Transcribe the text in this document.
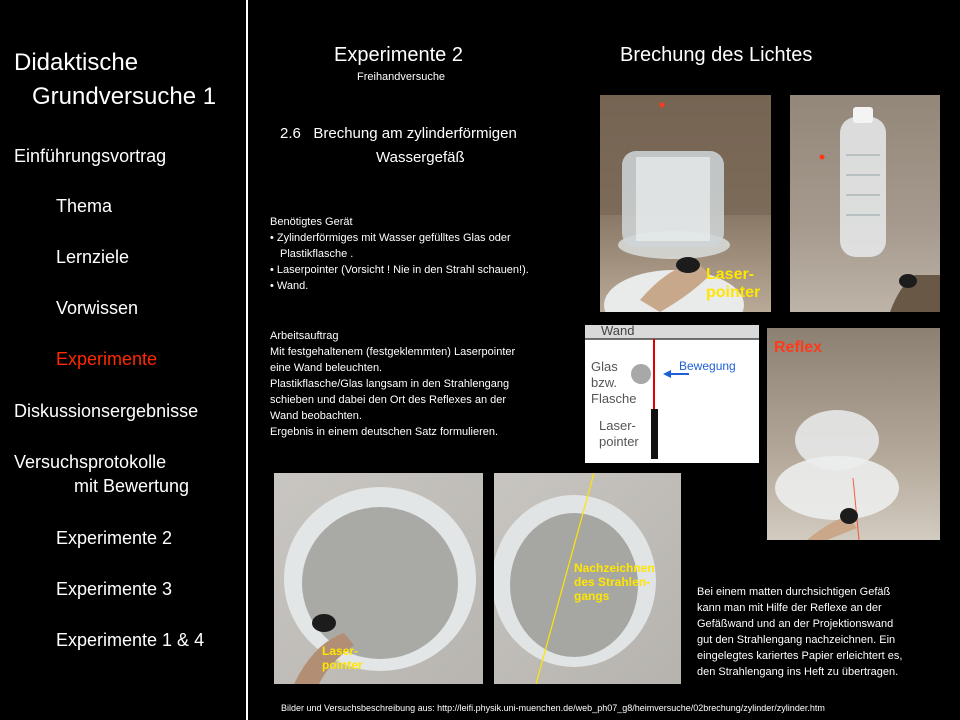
Didaktische
Grundversuche 1
Einführungsvortrag
Thema
Lernziele
Vorwissen
Experimente
Diskussionsergebnisse
Versuchsprotokolle
mit Bewertung
Experimente 2
Experimente 3
Experimente 1 & 4
Experimente 2
Freihandversuche
Brechung des Lichtes
2.6 Brechung am zylinderförmigen
Wassergefäß
Benötigtes Gerät
• Zylinderförmiges mit Wasser gefülltes Glas oder Plastikflasche .
• Laserpointer (Vorsicht ! Nie in den Strahl schauen!).
• Wand.
Arbeitsauftrag
Mit festgehaltenem (festgeklemmten) Laserpointer
eine Wand beleuchten.
Plastikflasche/Glas langsam in den Strahlengang
schieben und dabei den Ort des Reflexes an der
Wand beobachten.
Ergebnis in einem deutschen Satz formulieren.
Laser-
pointer
Wand
Glas
bzw.
Flasche
Bewegung
Laser-
pointer
Reflex
Laser-
pointer
Nachzeichnen
des Strahlen-
gangs	Bei einem matten durchsichtigen Gefäß
kann man mit Hilfe der Reflexe an der
Gefäßwand und an der Projektionswand
gut den Strahlengang nachzeichnen. Ein
eingelegtes kariertes Papier erleichtert es,
den Strahlengang ins Heft zu übertragen.
Bilder und Versuchsbeschreibung aus: http://leifi.physik.uni-muenchen.de/web_ph07_g8/heimversuche/02brechung/zylinder/zylinder.htm
